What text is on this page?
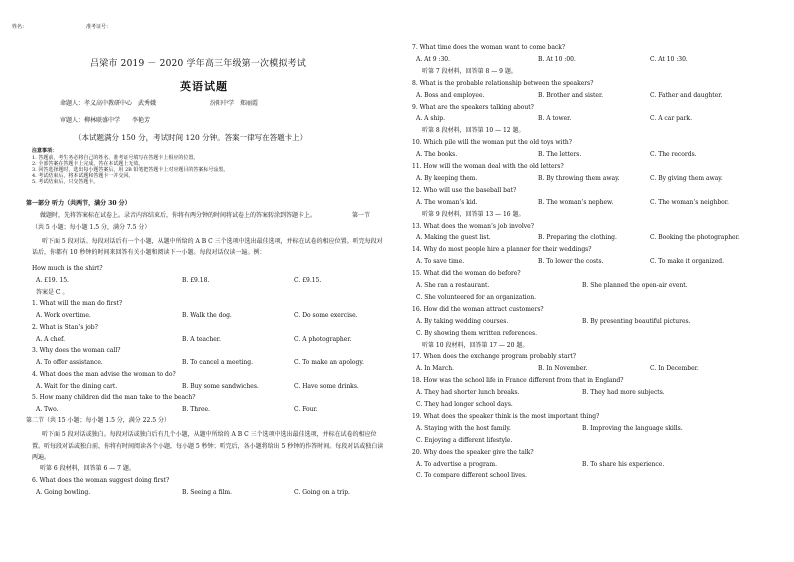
姓名：	准考证号：
吕梁市 2019 － 2020 学年高三年级第一次模拟考试
英语试题
命题人：孝义高中教研中心　武秀娥　　　　　　　　　汾阳中学　郑丽霞
审题人：柳林联盛中学　　李艳芳
（本试题满分 150 分，考试时间 120 分钟。答案一律写在答题卡上）
注意事项：
1. 答题前，考生务必将自己的姓名、准考证号填写在答题卡上相应的位置。
2. 全部答案在答题卡上完成，答在本试题上无效。
3. 回答选择题时，选出每小题答案后，用 2B 铅笔把答题卡上对应题目的答案标号涂黑。
4. 考试结束后，将本试题和答题卡一并交回。
5. 考试结束后，只交答题卡。
第一部分 听力（共两节，满分 30 分）
做题时，先将答案标在试卷上。录音内容结束后，你将有两分钟的时间将试卷上的答案转涂到答题卡上。	第一节
（共 5 小题；每小题 1.5 分，满分 7.5 分）
听下面 5 段对话。每段对话后有一个小题，从题中所给的 A B C 三个选项中选出最佳选项，并标在试卷的相应位置。听完每段对话后，你都有 10 秒钟的时间来回答有关小题和阅读下一小题。每段对话仅读一遍。例：
How much is the shirt?
A. £19. 15.	B. £9.18.	C. £9.15.
答案是 C 。
1. What will the man do first?
A. Work overtime.	B. Walk the dog.	C. Do some exercise.
2. What is Stan’s job?
A. A chef.	B. A teacher.	C. A photographer.
3. Why does the woman call?
A. To offer assistance.	B. To cancel a meeting.	C. To make an apology.
4. What does the man advise the woman to do?
A. Wait for the dining cart.	B. Buy some sandwiches.	C. Have some drinks.
5. How many children did the man take to the beach?
A. Two.	B. Three.	C. Four.
第二节（共 15 小题；每小题 1.5 分，满分 22.5 分）
听下面 5 段对话或独白。每段对话或独白后有几个小题，从题中所给的 A B C 三个选项中选出最佳选项，并标在试卷的相应位置。听每段对话或独白前，你将有时间阅读各个小题，每小题 5 秒钟；听完后，各小题将给出 5 秒钟的作答时间。每段对话或独白读两遍。
听第 6 段材料，回答第 6 — 7 题。
6. What does the woman suggest doing first?
A. Going bowling.	B. Seeing a film.	C. Going on a trip.
7. What time does the woman want to come back?
A. At 9 :30.	B. At 10 :00.	C. At 10 :30.
听第 7 段材料，回答第 8 — 9 题。
8. What is the probable relationship between the speakers?
A. Boss and employee.	B. Brother and sister.	C. Father and daughter.
9. What are the speakers talking about?
A. A ship.	B. A tower.	C. A car park.
听第 8 段材料，回答第 10 — 12 题。
10. Which pile will the woman put the old toys with?
A. The books.	B. The letters.	C. The records.
11. How will the woman deal with the old letters?
A. By keeping them.	B. By throwing them away.	C. By giving them away.
12. Who will use the baseball bat?
A. The woman’s kid.	B. The woman’s nephew.	C. The woman’s neighbor.
听第 9 段材料，回答第 13 — 16 题。
13. What does the woman’s job involve?
A. Making the guest list.	B. Preparing the clothing.	C. Booking the photographer.
14. Why do most people hire a planner for their weddings?
A. To save time.	B. To lower the costs.	C. To make it organized.
15. What did the woman do before?
A. She ran a restaurant.	B. She planned the open-air event.
C. She volunteered for an organization.
16. How did the woman attract customers?
A. By taking wedding courses.	B. By presenting beautiful pictures.
C. By showing them written references.
听第 10 段材料，回答第 17 — 20 题。
17. When does the exchange program probably start?
A. In March.	B. In November.	C. In December.
18. How was the school life in France different from that in England?
A. They had shorter lunch breaks.	B. They had more subjects.
C. They had longer school days.
19. What does the speaker think is the most important thing?
A. Staying with the host family.	B. Improving the language skills.
C. Enjoying a different lifestyle.
20. Why does the speaker give the talk?
A. To advertise a program.	B. To share his experience.
C. To compare different school lives.
